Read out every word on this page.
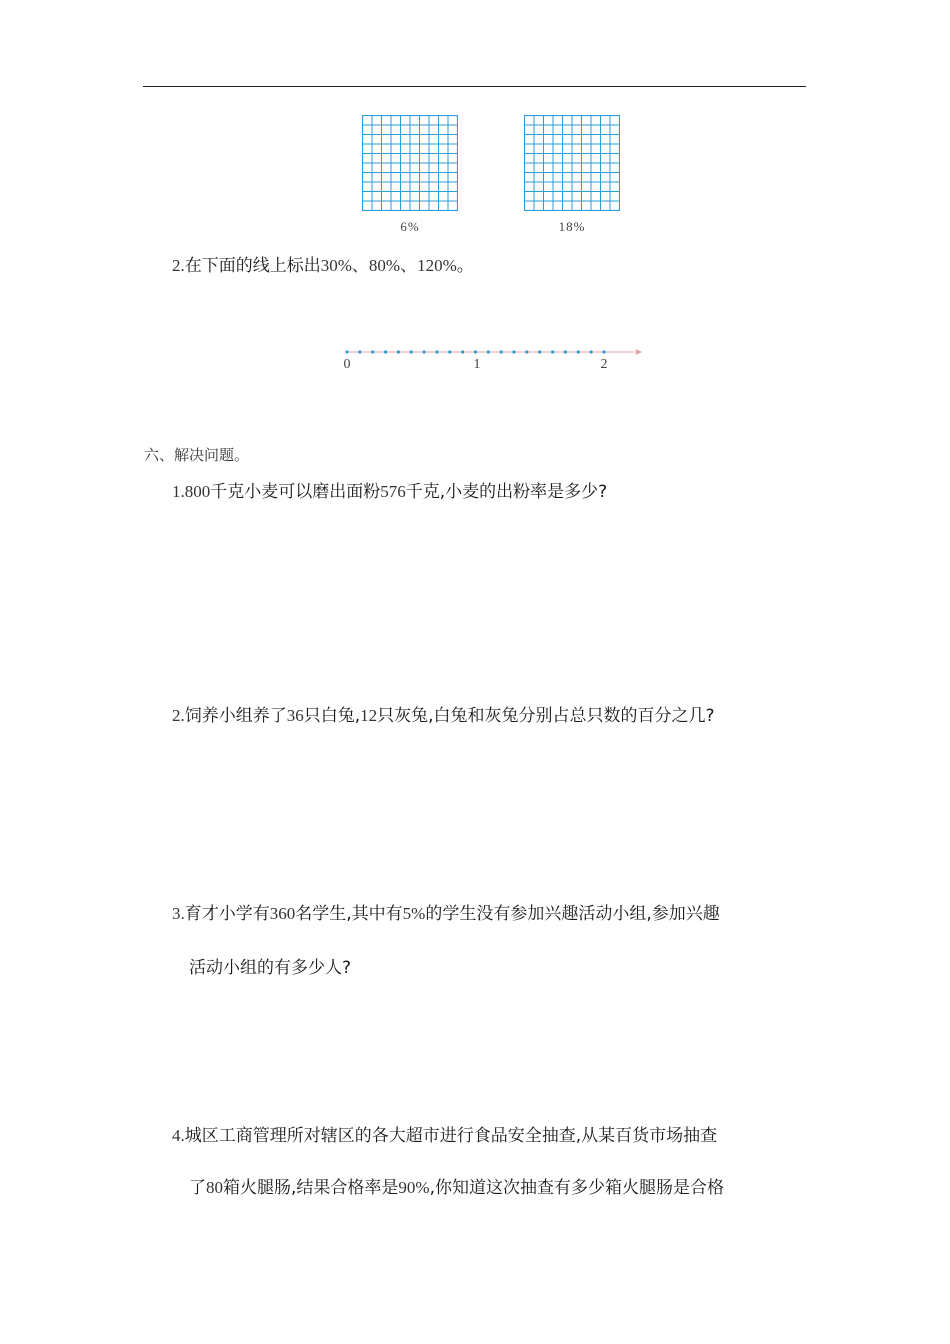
6%	18%
2.在下面的线上标出30%、80%、120%。
0	1	2
六、解决问题。
1.800千克小麦可以磨出面粉576千克,小麦的出粉率是多少?
2.饲养小组养了36只白兔,12只灰兔,白兔和灰兔分别占总只数的百分之几?
3.育才小学有360名学生,其中有5%的学生没有参加兴趣活动小组,参加兴趣
活动小组的有多少人?
4.城区工商管理所对辖区的各大超市进行食品安全抽查,从某百货市场抽查
了80箱火腿肠,结果合格率是90%,你知道这次抽查有多少箱火腿肠是合格
